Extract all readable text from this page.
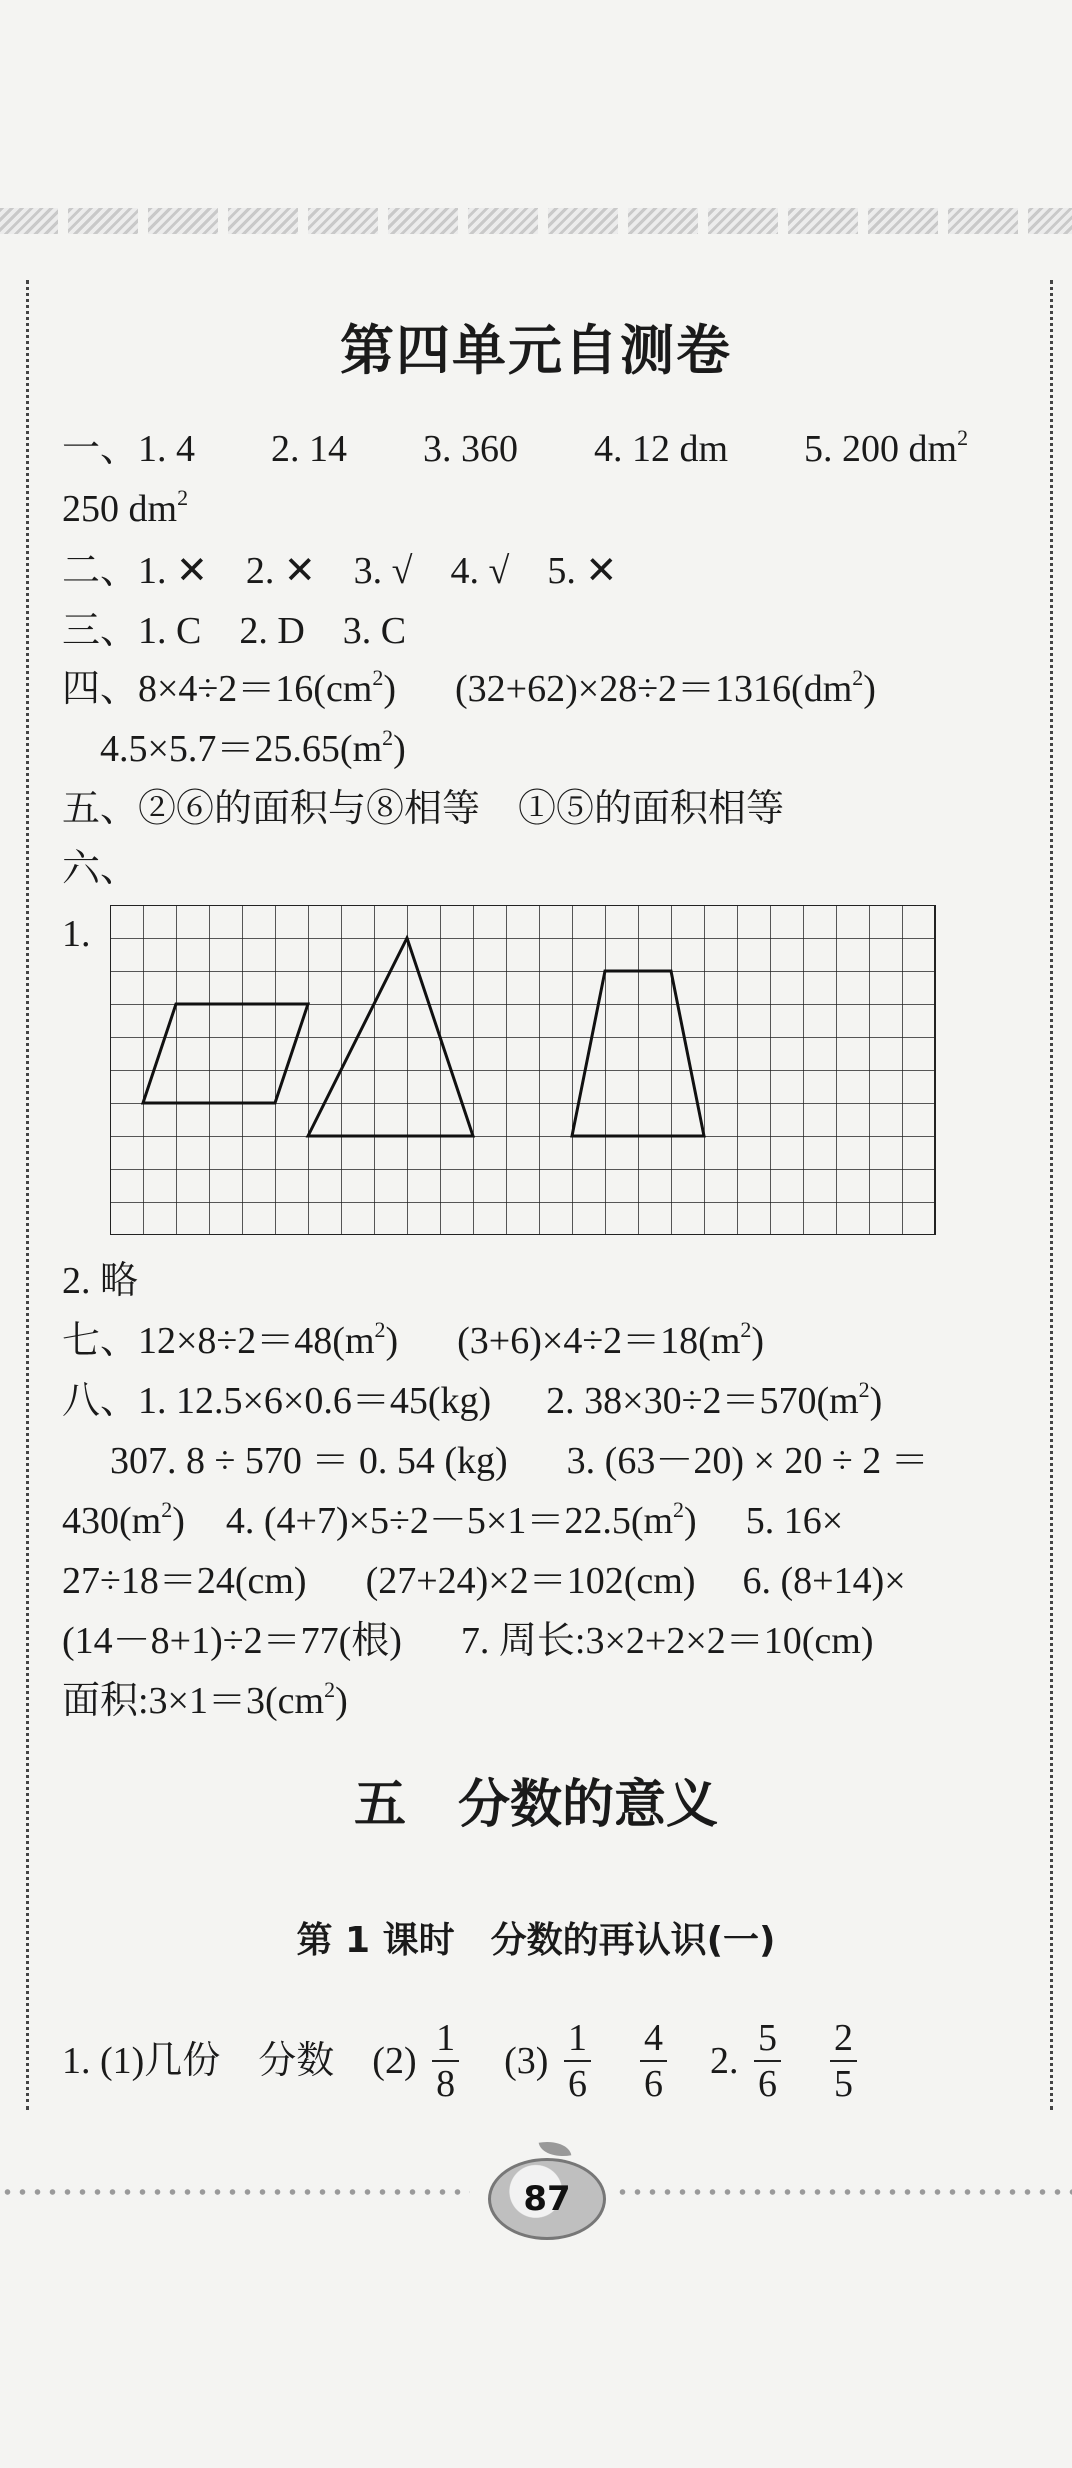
第四单元自测卷
一、1. 4　　2. 14　　3. 360　　4. 12 dm　　5. 200 $dm^2$
250 $dm^2$
二、1. ✕　2. ✕　3. √　4. √　5. ✕
三、1. C　2. D　3. C
四、$8\times 4\div 2=16(cm^2)$ $(32+62)\times 28\div 2=1316(dm^2)$
$4.5\times 5.7=25.65(m^2)$
五、②⑥的面积与⑧相等　①⑤的面积相等
六、
1.
2. 略
七、$12\times 8\div 2=48(m^2)$  $(3+6)\times 4\div 2=18(m^2)$
八、1. 12.5×6×0.6＝45(kg) 2. $38\times 30\div 2=570(m^2)$
307. 8 ÷ 570 ＝ 0. 54 (kg) 3. (63－20) × 20 ÷ 2 ＝
$430(m^2)$  4. $(4+7)\times 5\div 2-5\times 1=22.5(m^2)$  5. 16×
27÷18＝24(cm) (27+24)×2＝102(cm) 6. (8+14)×
(14－8+1)÷2＝77(根) 7. 周长:3×2+2×2＝10(cm)
面积$:3\times 1=3(cm^2)$
五　分数的意义
第 1 课时　分数的再认识(一)
1. (1)几份　分数　$(2) \frac{1}{8} (3) \frac{1}{6}$
$\frac{4}{6} 2$. $\frac{5}{6}$
$\frac{2}{5}$
87
